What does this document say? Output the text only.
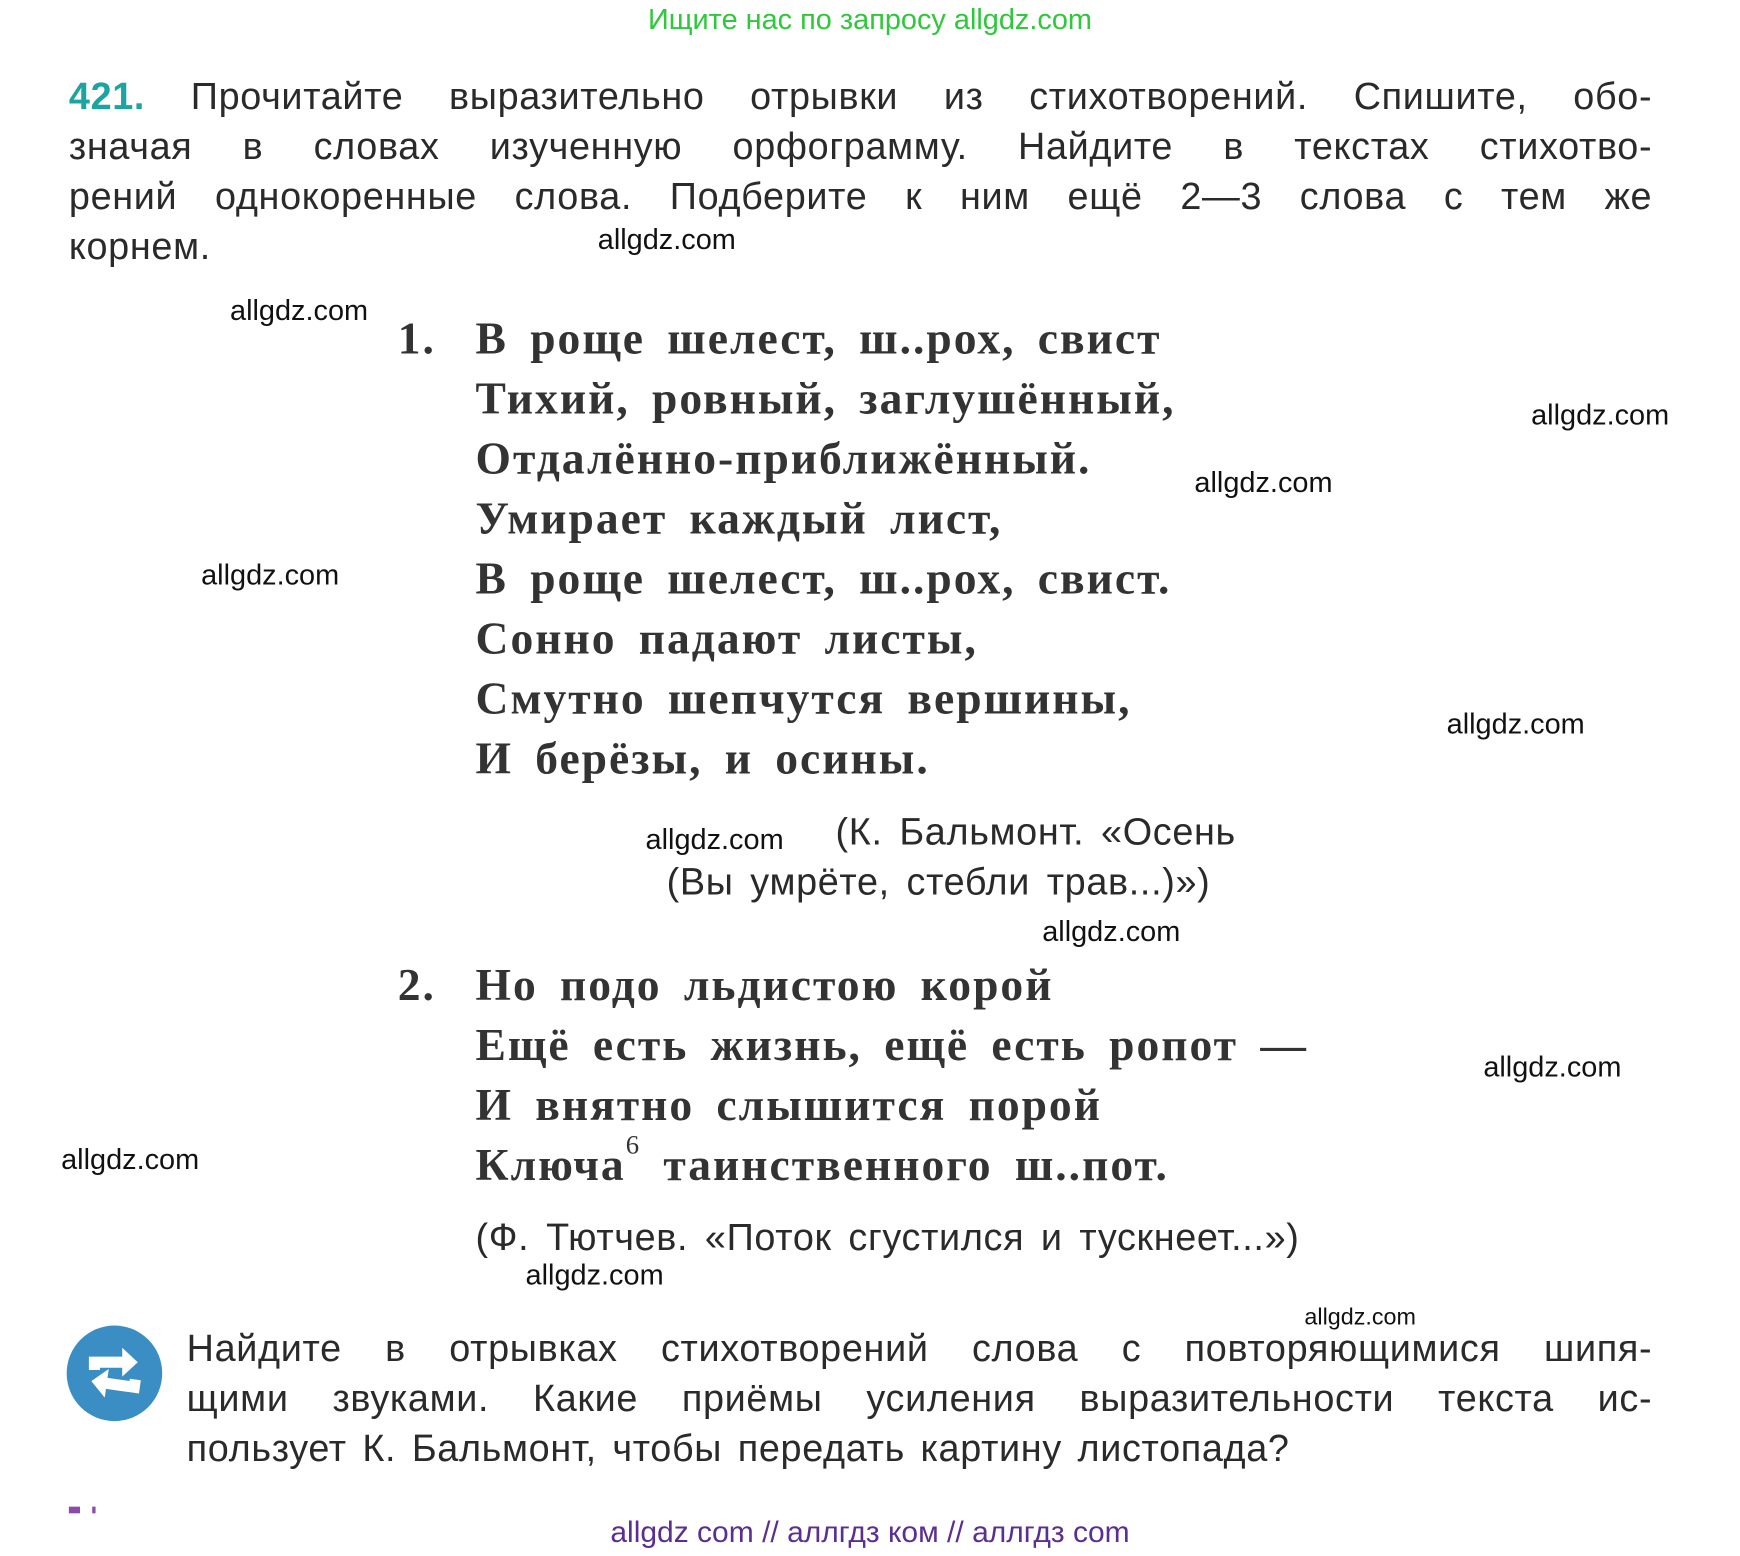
Ищите нас по запросу allgdz.com
421. Прочитайте выразительно отрывки из стихотворений. Спишите, обо-
значая в словах изученную орфограмму. Найдите в текстах стихотво-
рений однокоренные слова. Подберите к ним ещё 2—3 слова с тем же
корнем.
1. В роще шелест, ш..рох, свист
Тихий, ровный, заглушённый,
Отдалённо-приближённый.
Умирает каждый лист,
В роще шелест, ш..рох, свист.
Сонно падают листы,
Смутно шепчутся вершины,
И берёзы, и осины.
(К. Бальмонт. «Осень
(Вы умрёте, стебли трав...)»)
2. Но подо льдистою корой
Ещё есть жизнь, ещё есть ропот —
И внятно слышится порой
Ключа$^6$ таинственного ш..пот.
(Ф. Тютчев. «Поток сгустился и тускнеет...»)
Найдите в отрывках стихотворений слова с повторяющимися шипя-
щими звуками. Какие приёмы усиления выразительности текста ис-
пользует К. Бальмонт, чтобы передать картину листопада?
allgdz.com
allgdz.com
allgdz.com
allgdz.com
allgdz.com
allgdz.com
allgdz.com
allgdz.com
allgdz.com
allgdz.com
allgdz.com
allgdz.com
allgdz com // аллгдз ком // аллгдз com
